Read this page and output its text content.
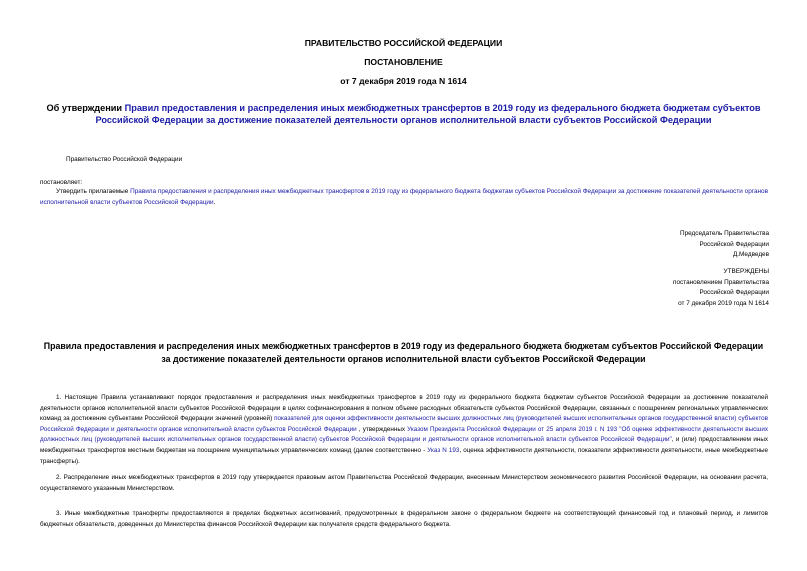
ПРАВИТЕЛЬСТВО РОССИЙСКОЙ ФЕДЕРАЦИИ
ПОСТАНОВЛЕНИЕ
от 7 декабря 2019 года N 1614
Об утверждении Правил предоставления и распределения иных межбюджетных трансфертов в 2019 году из федерального бюджета бюджетам субъектов Российской Федерации за достижение показателей деятельности органов исполнительной власти субъектов Российской Федерации
Правительство Российской Федерации
постановляет:
Утвердить прилагаемые Правила предоставления и распределения иных межбюджетных трансфертов в 2019 году из федерального бюджета бюджетам субъектов Российской Федерации за достижение показателей деятельности органов исполнительной власти субъектов Российской Федерации.
Председатель Правительства
Российской Федерации
Д.Медведев
УТВЕРЖДЕНЫ
постановлением Правительства
Российской Федерации
от 7 декабря 2019 года N 1614
Правила предоставления и распределения иных межбюджетных трансфертов в 2019 году из федерального бюджета бюджетам субъектов Российской Федерации
за достижение показателей деятельности органов исполнительной власти субъектов Российской Федерации
1. Настоящие Правила устанавливают порядок предоставления и распределения иных межбюджетных трансфертов в 2019 году из федерального бюджета бюджетам субъектов Российской Федерации за достижение показателей деятельности органов исполнительной власти субъектов Российской Федерации в целях софинансирования в полном объеме расходных обязательств субъектов Российской Федерации, связанных с поощрением региональных управленческих команд за достижение субъектами Российской Федерации значений (уровней) показателей для оценки эффективности деятельности высших должностных лиц (руководителей высших исполнительных органов государственной власти) субъектов Российской Федерации и деятельности органов исполнительной власти субъектов Российской Федерации , утвержденных Указом Президента Российской Федерации от 25 апреля 2019 г. N 193 "Об оценке эффективности деятельности высших должностных лиц (руководителей высших исполнительных органов государственной власти) субъектов Российской Федерации и деятельности органов исполнительной власти субъектов Российской Федерации", и (или) предоставлением иных межбюджетных трансфертов местным бюджетам на поощрение муниципальных управленческих команд (далее соответственно - Указ N 193, оценка эффективности деятельности, показатели эффективности деятельности, иные межбюджетные трансферты).
2. Распределение иных межбюджетных трансфертов в 2019 году утверждается правовым актом Правительства Российской Федерации, внесенным Министерством экономического развития Российской Федерации, на основании расчета, осуществляемого указанным Министерством.
3. Иные межбюджетные трансферты предоставляются в пределах бюджетных ассигнований, предусмотренных в федеральном законе о федеральном бюджете на соответствующий финансовый год и плановый период, и лимитов бюджетных обязательств, доведенных до Министерства финансов Российской Федерации как получателя средств федерального бюджета.
